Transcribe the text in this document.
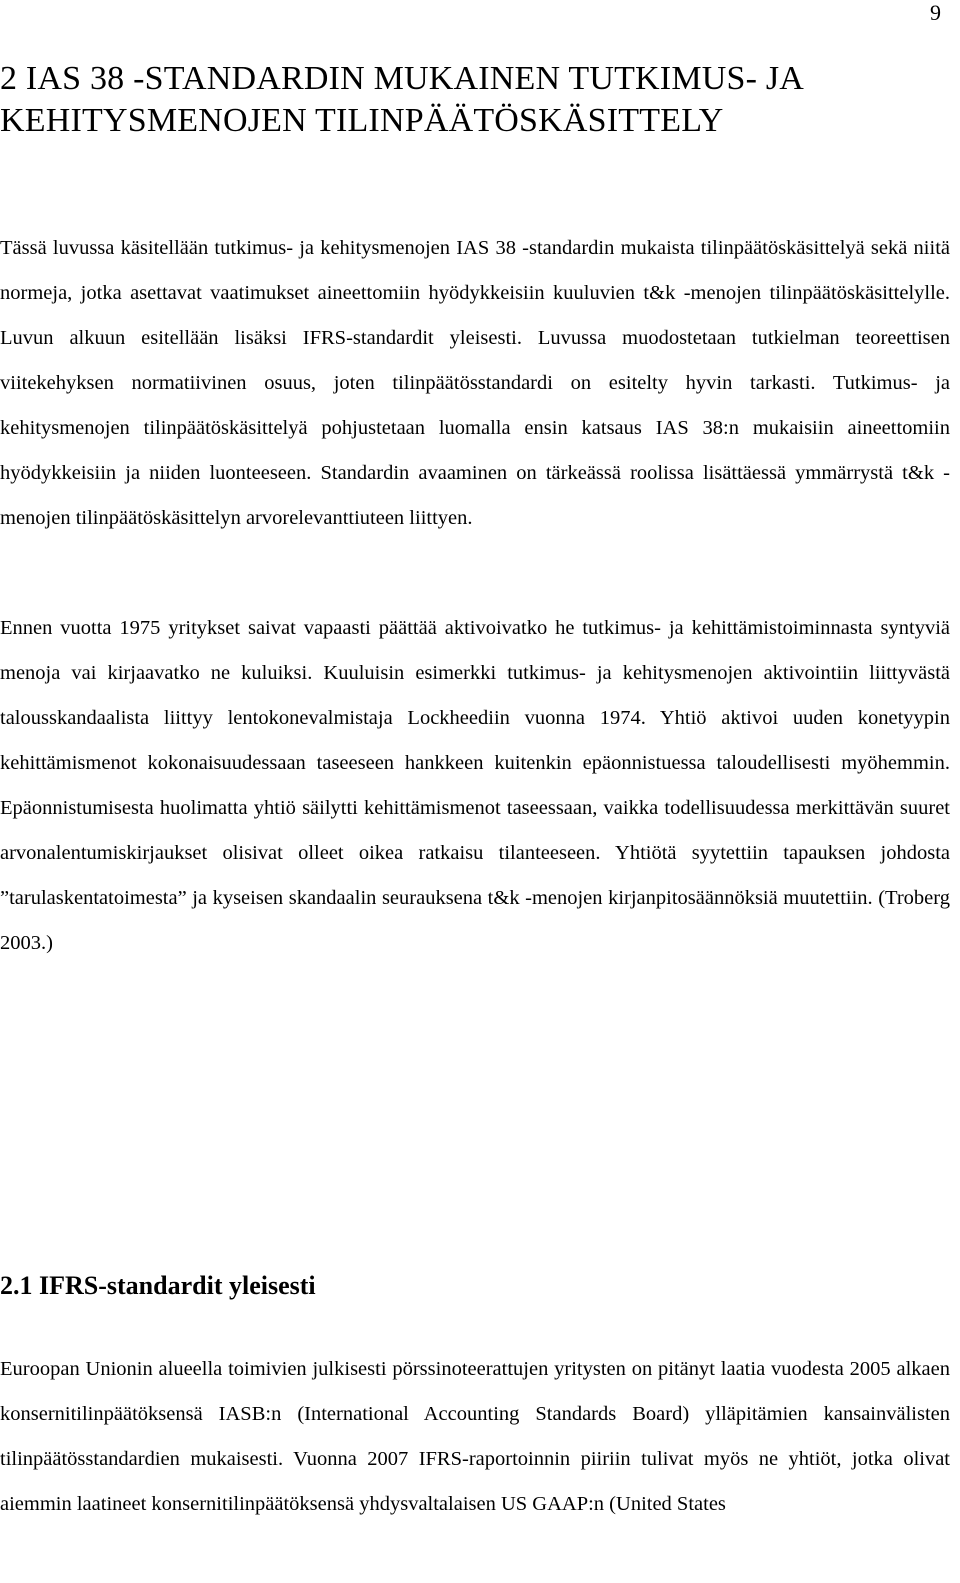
9
2 IAS 38 -STANDARDIN MUKAINEN TUTKIMUS- JA KEHITYSMENOJEN TILINPÄÄTÖSKÄSITTELY

Tässä luvussa käsitellään tutkimus- ja kehitysmenojen IAS 38 -standardin mukaista tilinpäätöskäsittelyä sekä niitä normeja, jotka asettavat vaatimukset aineettomiin hyödykkeisiin kuuluvien t&k -menojen tilinpäätöskäsittelylle. Luvun alkuun esitellään lisäksi IFRS-standardit yleisesti. Luvussa muodostetaan tutkielman teoreettisen viitekehyksen normatiivinen osuus, joten tilinpäätösstandardi on esitelty hyvin tarkasti. Tutkimus- ja kehitysmenojen tilinpäätöskäsittelyä pohjustetaan luomalla ensin katsaus IAS 38:n mukaisiin aineettomiin hyödykkeisiin ja niiden luonteeseen. Standardin avaaminen on tärkeässä roolissa lisättäessä ymmärrystä t&k -menojen tilinpäätöskäsittelyn arvorelevanttiuteen liittyen.

Ennen vuotta 1975 yritykset saivat vapaasti päättää aktivoivatko he tutkimus- ja kehittämistoiminnasta syntyviä menoja vai kirjaavatko ne kuluiksi. Kuuluisin esimerkki tutkimus- ja kehitysmenojen aktivointiin liittyvästä talousskandaalista liittyy lentokonevalmistaja Lockheediin vuonna 1974. Yhtiö aktivoi uuden konetyypin kehittämismenot kokonaisuudessaan taseeseen hankkeen kuitenkin epäonnistuessa taloudellisesti myöhemmin. Epäonnistumisesta huolimatta yhtiö säilytti kehittämismenot taseessaan, vaikka todellisuudessa merkittävän suuret arvonalentumiskirjaukset olisivat olleet oikea ratkaisu tilanteeseen. Yhtiötä syytettiin tapauksen johdosta ”tarulaskentatoimesta” ja kyseisen skandaalin seurauksena t&k -menojen kirjanpitosäännöksiä muutettiin. (Troberg 2003.)

2.1 IFRS-standardit yleisesti

Euroopan Unionin alueella toimivien julkisesti pörssinoteerattujen yritysten on pitänyt laatia vuodesta 2005 alkaen konsernitilinpäätöksensä IASB:n (International Accounting Standards Board) ylläpitämien kansainvälisten tilinpäätösstandardien mukaisesti. Vuonna 2007 IFRS-raportoinnin piiriin tulivat myös ne yhtiöt, jotka olivat aiemmin laatineet konsernitilinpäätöksensä yhdysvaltalaisen US GAAP:n (United States
